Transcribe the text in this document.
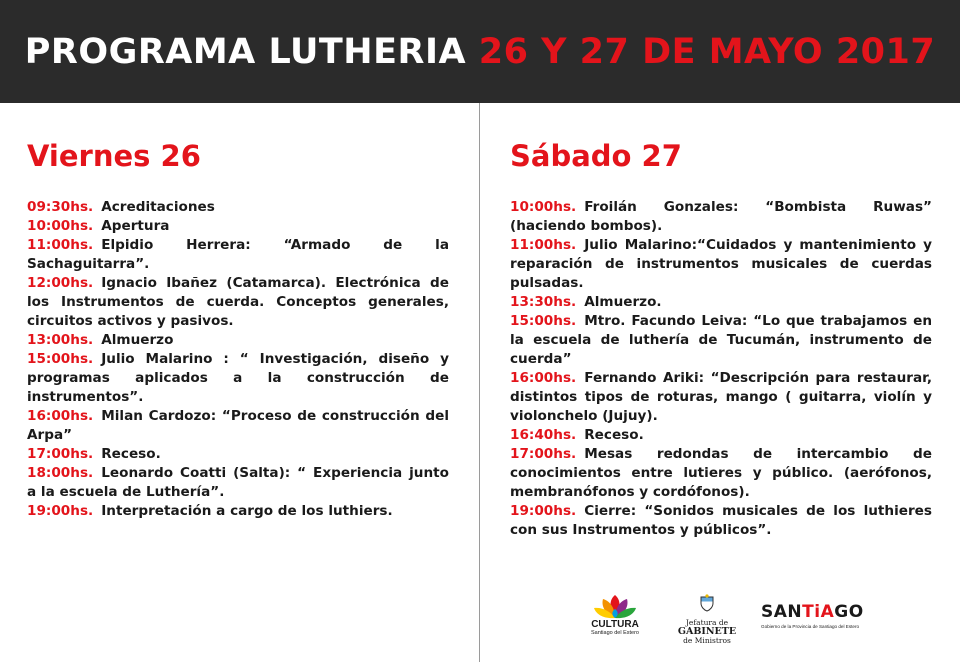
PROGRAMA LUTHERIA 26 Y 27 DE MAYO 2017
Viernes 26

09:30hs. Acreditaciones

10:00hs. Apertura

11:00hs. Elpidio Herrera: “Armado de la Sachaguitarra”.

12:00hs. Ignacio Ibañez (Catamarca). Electrónica de los Instrumentos de cuerda. Conceptos generales, circuitos activos y pasivos.

13:00hs. Almuerzo

15:00hs. Julio Malarino : “ Investigación, diseño y programas aplicados a la construcción de instrumentos”.

16:00hs. Milan Cardozo: “Proceso de construcción del Arpa”

17:00hs. Receso.

18:00hs. Leonardo Coatti (Salta): “ Experiencia junto a la escuela de Luthería”.

19:00hs. Interpretación a cargo de los luthiers.

Sábado 27

10:00hs. Froilán Gonzales: “Bombista Ruwas” (haciendo bombos).

11:00hs. Julio Malarino:“Cuidados y mantenimiento y reparación de instrumentos musicales de cuerdas pulsadas.

13:30hs. Almuerzo.

15:00hs. Mtro. Facundo Leiva: “Lo que trabajamos en la escuela de luthería de Tucumán, instrumento de cuerda”

16:00hs. Fernando Ariki: “Descripción para restaurar, distintos tipos de roturas, mango ( guitarra, violín y violonchelo (Jujuy).

16:40hs. Receso.

17:00hs. Mesas redondas de intercambio de conocimientos entre lutieres y público. (aerófonos, membranófonos y cordófonos).

19:00hs. Cierre: “Sonidos musicales de los luthieres con sus Instrumentos y públicos”.

CULTURA
Santiago del Estero
Jefatura de
GABINETE
de Ministros
SANTiAGO
Gobierno de la Provincia de Santiago del Estero
